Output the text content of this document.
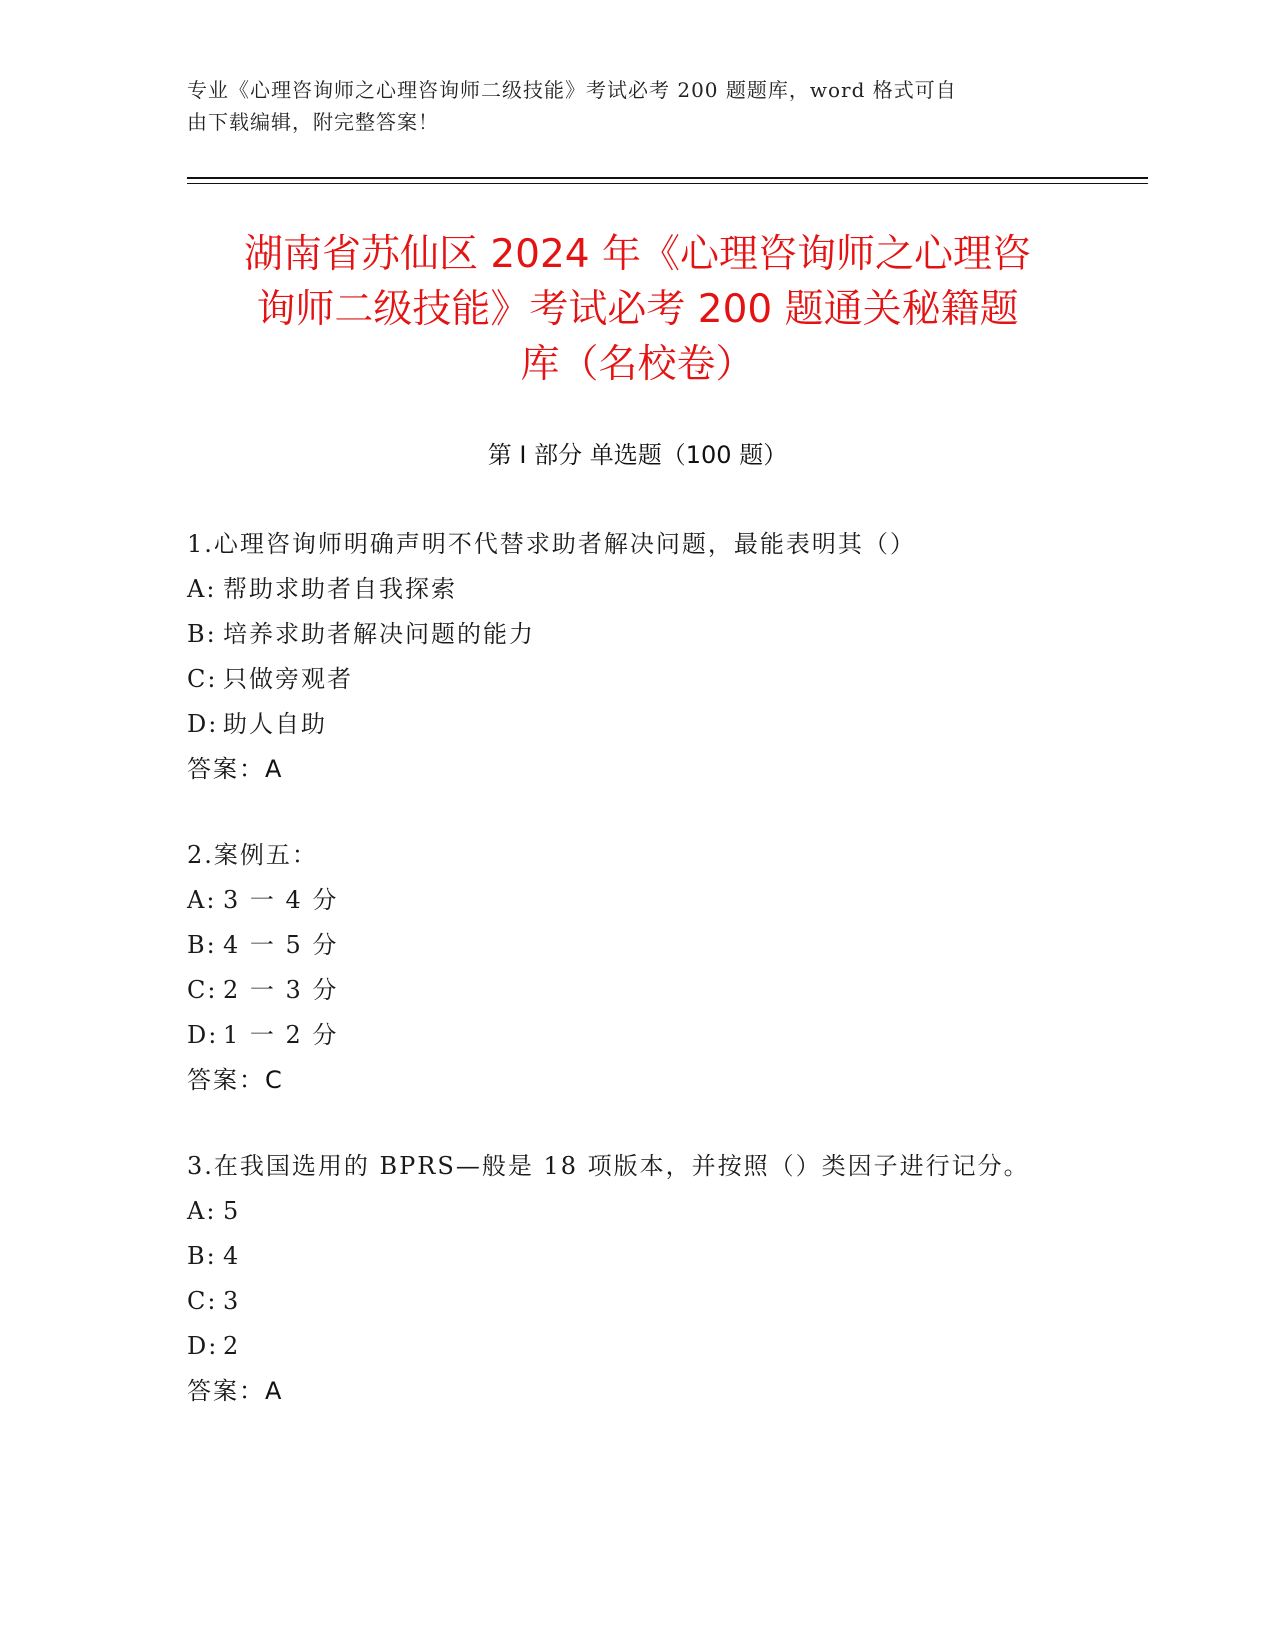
专业《心理咨询师之心理咨询师二级技能》考试必考 200 题题库，word 格式可自
由下载编辑，附完整答案！
湖南省苏仙区 2024 年《心理咨询师之心理咨
询师二级技能》考试必考 200 题通关秘籍题
库（名校卷）
第 I 部分 单选题（100 题）
1.心理咨询师明确声明不代替求助者解决问题，最能表明其（）
A: 帮助求助者自我探索
B: 培养求助者解决问题的能力
C: 只做旁观者
D: 助人自助
答案：A
2.案例五：
A: 3 一 4 分
B: 4 一 5 分
C: 2 一 3 分
D: 1 一 2 分
答案：C
3.在我国选用的 BPRS—般是 18 项版本，并按照（）类因子进行记分。
A: 5
B: 4
C: 3
D: 2
答案：A
